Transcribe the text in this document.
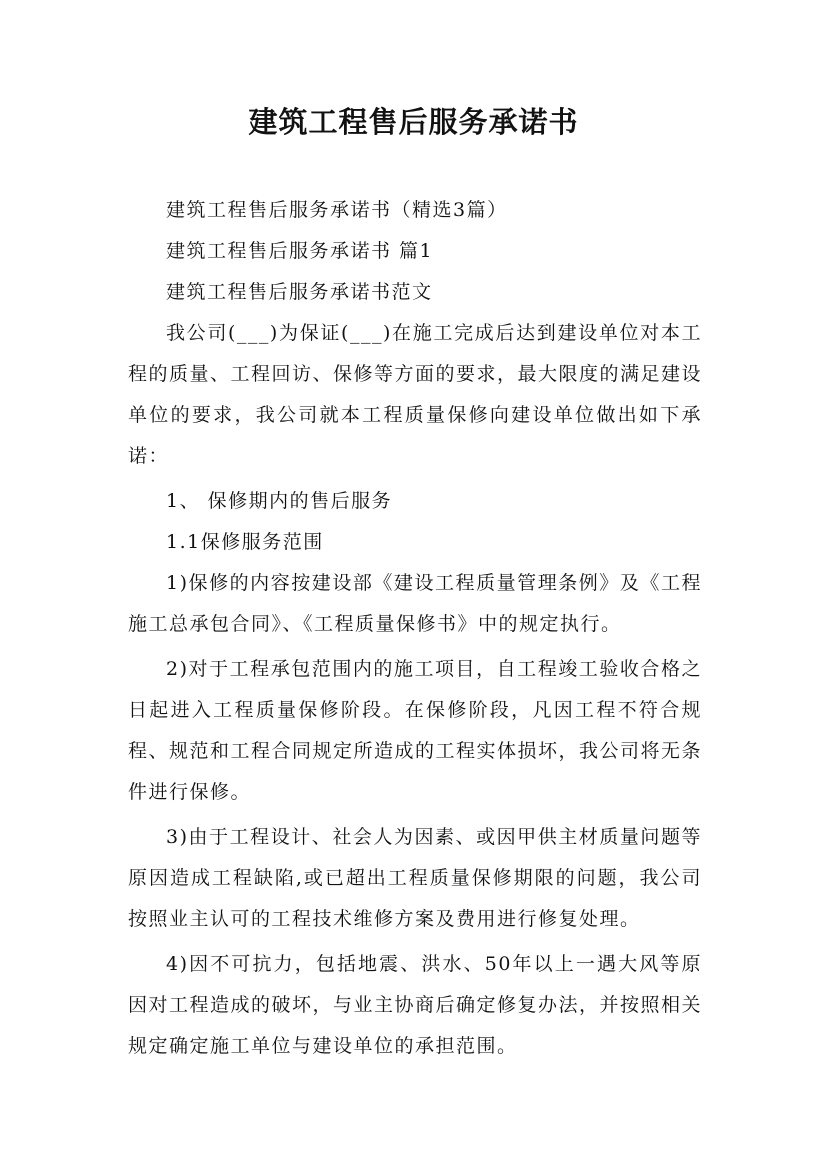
建筑工程售后服务承诺书

建筑工程售后服务承诺书（精选3篇）

建筑工程售后服务承诺书 篇1

建筑工程售后服务承诺书范文

我公司(___)为保证(___)在施工完成后达到建设单位对本工程的质量、工程回访、保修等方面的要求，最大限度的满足建设单位的要求，我公司就本工程质量保修向建设单位做出如下承诺：

1、 保修期内的售后服务

1.1保修服务范围

1)保修的内容按建设部《建设工程质量管理条例》及《工程施工总承包合同》、《工程质量保修书》中的规定执行。

2)对于工程承包范围内的施工项目，自工程竣工验收合格之日起进入工程质量保修阶段。在保修阶段，凡因工程不符合规程、规范和工程合同规定所造成的工程实体损坏，我公司将无条件进行保修。

3)由于工程设计、社会人为因素、或因甲供主材质量问题等原因造成工程缺陷,或已超出工程质量保修期限的问题，我公司按照业主认可的工程技术维修方案及费用进行修复处理。

4)因不可抗力，包括地震、洪水、50年以上一遇大风等原因对工程造成的破坏，与业主协商后确定修复办法，并按照相关规定确定施工单位与建设单位的承担范围。
